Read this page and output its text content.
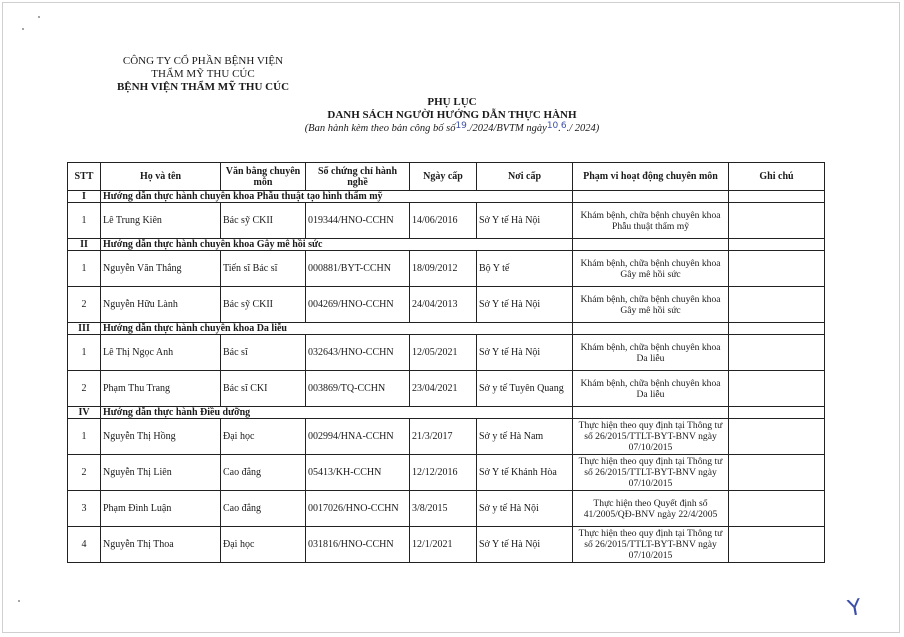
CÔNG TY CỔ PHẦN BỆNH VIỆN
THẨM MỸ THU CÚC
BỆNH VIỆN THẨM MỸ THU CÚC
PHỤ LỤC
DANH SÁCH NGƯỜI HƯỚNG DẪN THỰC HÀNH
(Ban hành kèm theo bản công bố số19./2024/BVTM ngày10.6./ 2024)
STT	Họ và tên	Văn bằng chuyên môn	Số chứng chỉ hành nghề	Ngày cấp	Nơi cấp	Phạm vi hoạt động chuyên môn	Ghi chú
I	Hướng dẫn thực hành chuyên khoa Phẫu thuật tạo hình thẩm mỹ						
1	Lê Trung Kiên	Bác sỹ CKII	019344/HNO-CCHN	14/06/2016	Sở Y tế Hà Nội	Khám bệnh, chữa bệnh chuyên khoa Phẫu thuật thẩm mỹ	
II	Hướng dẫn thực hành chuyên khoa Gây mê hồi sức						
1	Nguyễn Văn Thắng	Tiến sĩ Bác sĩ	000881/BYT-CCHN	18/09/2012	Bộ Y tế	Khám bệnh, chữa bệnh chuyên khoa Gây mê hồi sức	
2	Nguyễn Hữu Lành	Bác sỹ CKII	004269/HNO-CCHN	24/04/2013	Sở Y tế Hà Nội	Khám bệnh, chữa bệnh chuyên khoa Gây mê hồi sức	
III	Hướng dẫn thực hành chuyên khoa Da liễu						
1	Lê Thị Ngọc Anh	Bác sĩ	032643/HNO-CCHN	12/05/2021	Sở Y tế Hà Nội	Khám bệnh, chữa bệnh chuyên khoa Da liễu	
2	Phạm Thu Trang	Bác sĩ CKI	003869/TQ-CCHN	23/04/2021	Sở y tế Tuyên Quang	Khám bệnh, chữa bệnh chuyên khoa Da liễu	
IV	Hướng dẫn thực hành Điều dưỡng						
1	Nguyễn Thị Hồng	Đại học	002994/HNA-CCHN	21/3/2017	Sở y tế Hà Nam	Thực hiện theo quy định tại Thông tư số 26/2015/TTLT-BYT-BNV ngày 07/10/2015	
2	Nguyễn Thị Liên	Cao đẳng	05413/KH-CCHN	12/12/2016	Sở Y tế Khánh Hòa	Thực hiện theo quy định tại Thông tư số 26/2015/TTLT-BYT-BNV ngày 07/10/2015	
3	Phạm Đình Luận	Cao đẳng	0017026/HNO-CCHN	3/8/2015	Sở y tế Hà Nội	Thực hiện theo Quyết định số 41/2005/QĐ-BNV ngày 22/4/2005	
4	Nguyễn Thị Thoa	Đại học	031816/HNO-CCHN	12/1/2021	Sở Y tế Hà Nội	Thực hiện theo quy định tại Thông tư số 26/2015/TTLT-BYT-BNV ngày 07/10/2015	
Y
